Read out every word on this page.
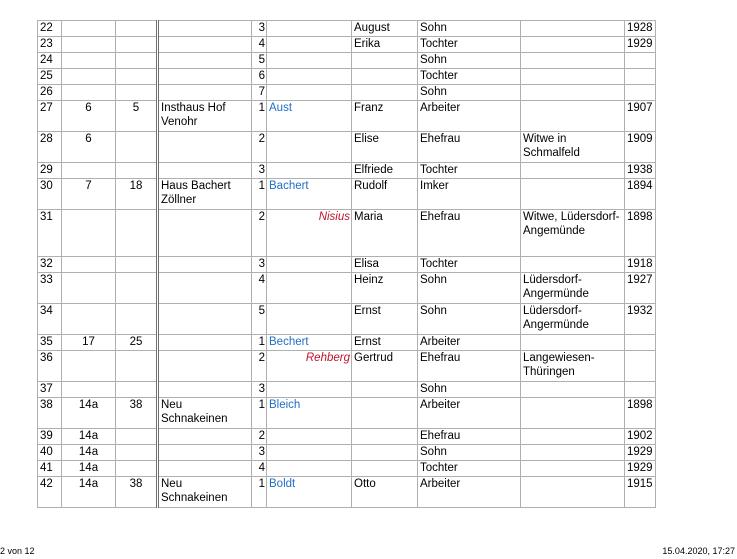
22				3		August	Sohn		1928
23				4		Erika	Tochter		1929
24				5			Sohn		
25				6			Tochter		
26				7			Sohn		
27	6	5	Insthaus Hof Venohr	1	Aust	Franz	Arbeiter		1907
28	6			2		Elise	Ehefrau	Witwe in Schmalfeld	1909
29				3		Elfriede	Tochter		1938
30	7	18	Haus Bachert Zöllner	1	Bachert	Rudolf	Imker		1894
31				2	Nisius	Maria	Ehefrau	Witwe, Lüdersdorf-Angemünde	1898
32				3		Elisa	Tochter		1918
33				4		Heinz	Sohn	Lüdersdorf-Angermünde	1927
34				5		Ernst	Sohn	Lüdersdorf-Angermünde	1932
35	17	25		1	Bechert	Ernst	Arbeiter		
36				2	Rehberg	Gertrud	Ehefrau	Langewiesen-Thüringen	
37				3			Sohn		
38	14a	38	Neu Schnakeinen	1	Bleich		Arbeiter		1898
39	14a			2			Ehefrau		1902
40	14a			3			Sohn		1929
41	14a			4			Tochter		1929
42	14a	38	Neu Schnakeinen	1	Boldt	Otto	Arbeiter		1915
2 von 12	15.04.2020, 17:27
